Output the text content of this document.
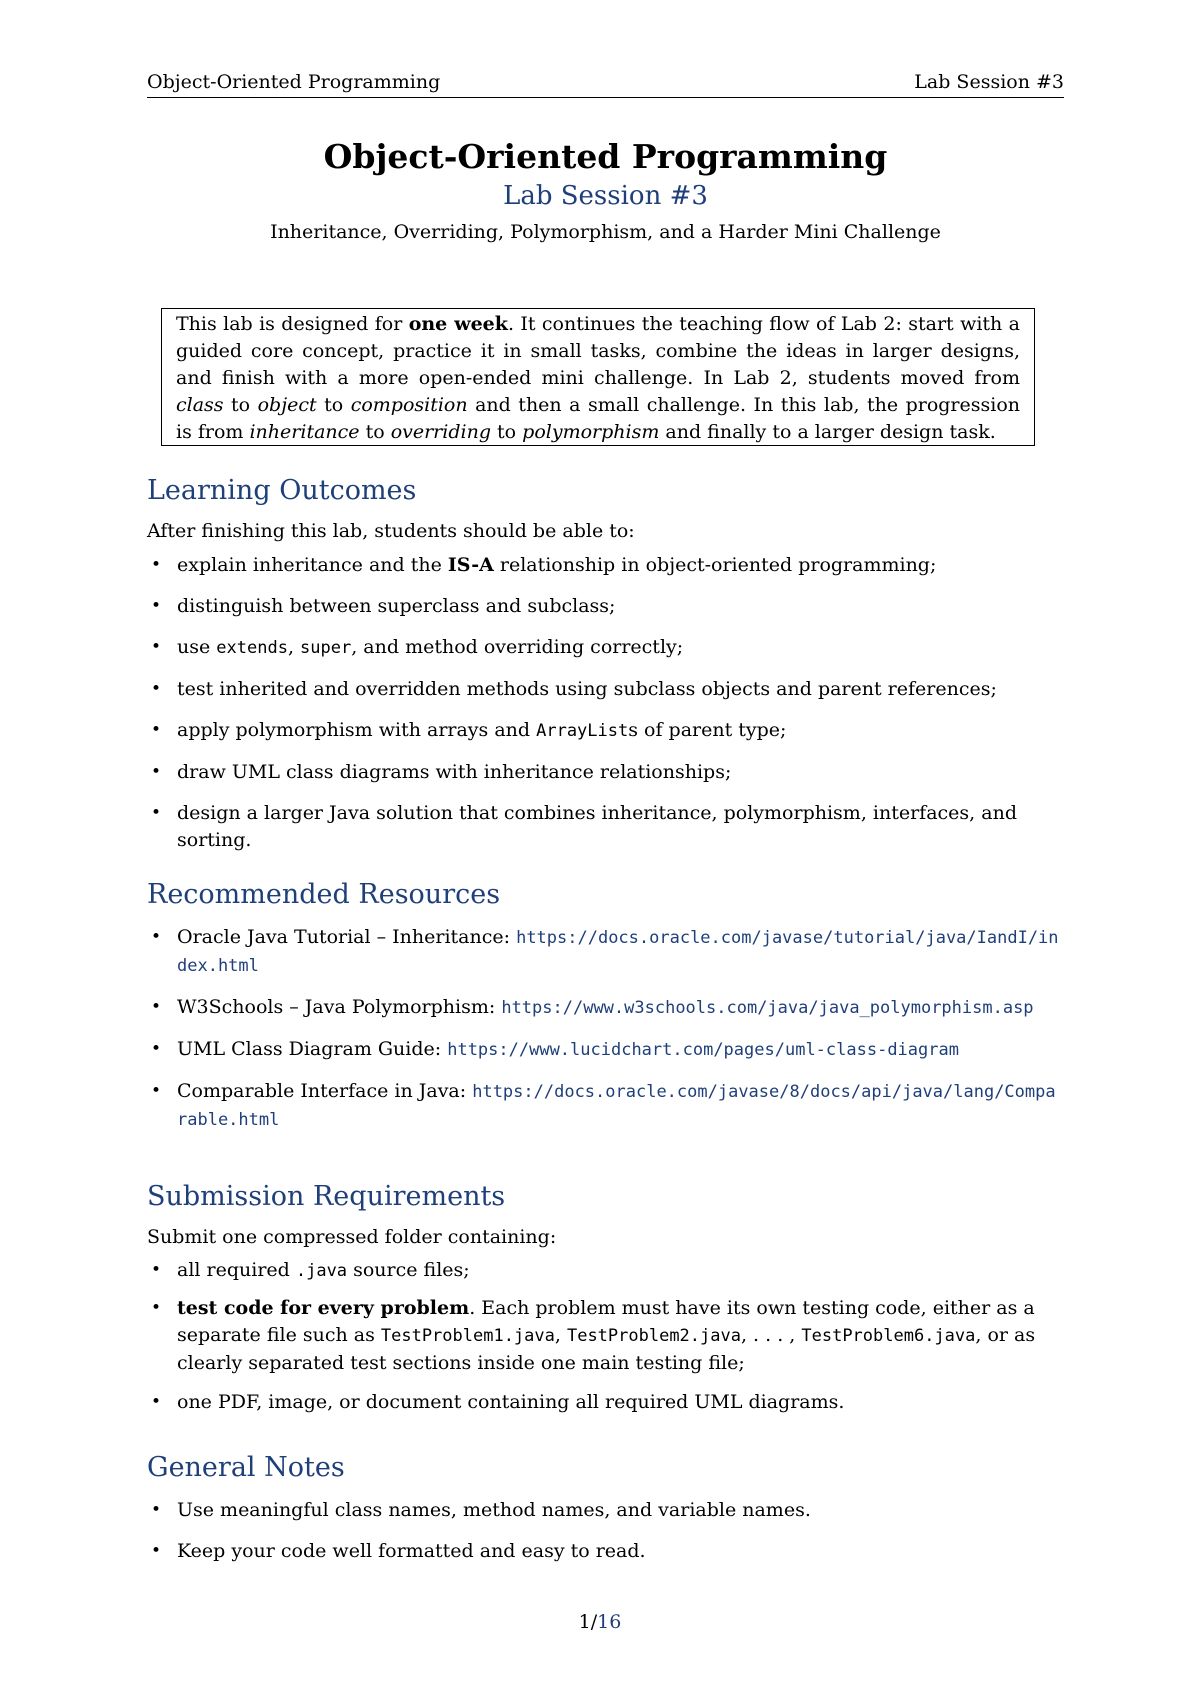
Object-Oriented Programming	Lab Session #3
Object-Oriented Programming
Lab Session #3
Inheritance, Overriding, Polymorphism, and a Harder Mini Challenge
This lab is designed for one week. It continues the teaching flow of Lab 2: start with a guided core concept, practice it in small tasks, combine the ideas in larger designs, and finish with a more open-ended mini challenge. In Lab 2, students moved from class to object to composition and then a small challenge. In this lab, the progression is from inheritance to overriding to polymorphism and finally to a larger design task.
Learning Outcomes
After finishing this lab, students should be able to:
• explain inheritance and the IS-A relationship in object-oriented programming;
• distinguish between superclass and subclass;
• use extends, super, and method overriding correctly;
• test inherited and overridden methods using subclass objects and parent references;
• apply polymorphism with arrays and ArrayLists of parent type;
• draw UML class diagrams with inheritance relationships;
• design a larger Java solution that combines inheritance, polymorphism, interfaces, and sorting.
Recommended Resources
• Oracle Java Tutorial – Inheritance: https://docs.oracle.com/javase/tutorial/java/IandI/index.html
• W3Schools – Java Polymorphism: https://www.w3schools.com/java/java_polymorphism.asp
• UML Class Diagram Guide: https://www.lucidchart.com/pages/uml-class-diagram
• Comparable Interface in Java: https://docs.oracle.com/javase/8/docs/api/java/lang/Comparable.html
Submission Requirements
Submit one compressed folder containing:
• all required .java source files;
• test code for every problem. Each problem must have its own testing code, either as a separate file such as TestProblem1.java, TestProblem2.java, . . . , TestProblem6.java, or as clearly separated test sections inside one main testing file;
• one PDF, image, or document containing all required UML diagrams.
General Notes
• Use meaningful class names, method names, and variable names.
• Keep your code well formatted and easy to read.
1/16
